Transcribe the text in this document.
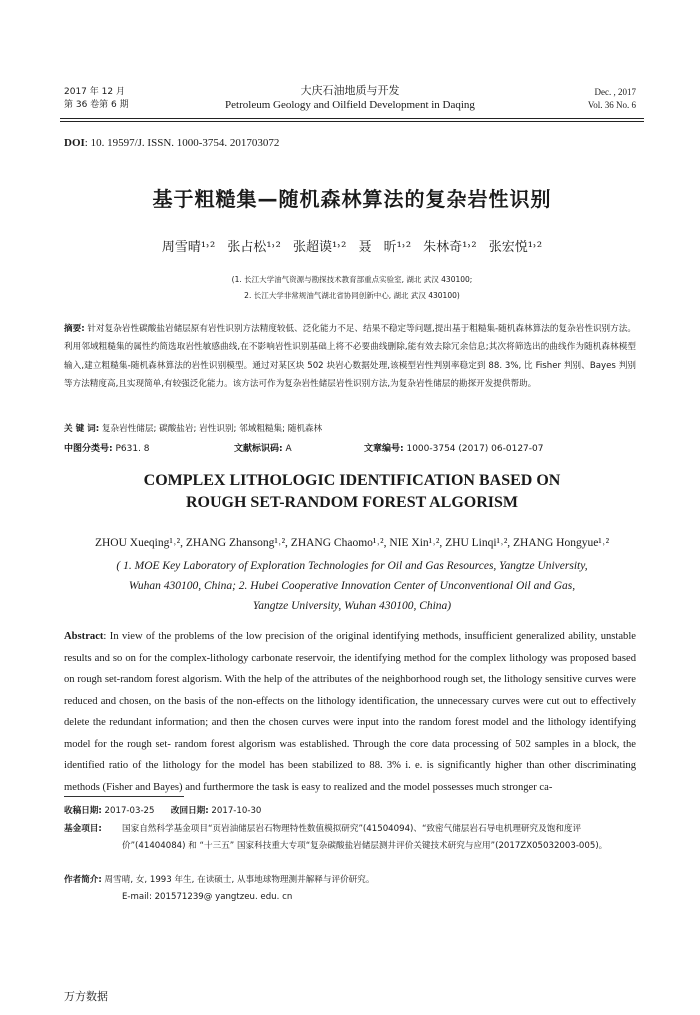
2017 年 12 月
第 36 卷第 6 期
大庆石油地质与开发
Petroleum Geology and Oilfield Development in Daqing
Dec. , 2017
Vol. 36 No. 6
DOI: 10. 19597/J. ISSN. 1000-3754. 201703072
基于粗糙集—随机森林算法的复杂岩性识别
周雪晴¹˒² 张占松¹˒² 张超谟¹˒² 聂 昕¹˒² 朱林奇¹˒² 张宏悦¹˒²
(1. 长江大学油气资源与勘探技术教育部重点实验室, 湖北 武汉 430100;
2. 长江大学非常规油气湖北省协同创新中心, 湖北 武汉 430100)
摘要: 针对复杂岩性碳酸盐岩储层原有岩性识别方法精度较低、泛化能力不足、结果不稳定等问题,提出基于粗糙集-随机森林算法的复杂岩性识别方法。利用邻域粗糙集的属性约简选取岩性敏感曲线,在不影响岩性识别基础上将不必要曲线删除,能有效去除冗余信息;其次将筛选出的曲线作为随机森林模型输入,建立粗糙集-随机森林算法的岩性识别模型。通过对某区块 502 块岩心数据处理,该模型岩性判别率稳定到 88. 3%, 比 Fisher 判别、Bayes 判别等方法精度高,且实现简单,有较强泛化能力。该方法可作为复杂岩性储层岩性识别方法,为复杂岩性储层的勘探开发提供帮助。
关 键 词: 复杂岩性储层; 碳酸盐岩; 岩性识别; 邻域粗糙集; 随机森林
中图分类号: P631. 8	文献标识码: A	文章编号: 1000-3754 (2017) 06-0127-07
COMPLEX LITHOLOGIC IDENTIFICATION BASED ON
ROUGH SET-RANDOM FOREST ALGORISM
ZHOU Xueqing¹˒², ZHANG Zhansong¹˒², ZHANG Chaomo¹˒², NIE Xin¹˒², ZHU Linqi¹˒², ZHANG Hongyue¹˒²
( 1. MOE Key Laboratory of Exploration Technologies for Oil and Gas Resources, Yangtze University,
Wuhan 430100, China; 2. Hubei Cooperative Innovation Center of Unconventional Oil and Gas,
Yangtze University, Wuhan 430100, China)
Abstract: In view of the problems of the low precision of the original identifying methods, insufficient generalized ability, unstable results and so on for the complex-lithology carbonate reservoir, the identifying method for the complex lithology was proposed based on rough set-random forest algorism. With the help of the attributes of the neighborhood rough set, the lithology sensitive curves were reduced and chosen, on the basis of the non-effects on the lithology identification, the unnecessary curves were cut out to effectively delete the redundant information; and then the chosen curves were input into the random forest model and the lithology identifying model for the rough set- random forest algorism was established. Through the core data processing of 502 samples in a block, the identified ratio of the lithology for the model has been stabilized to 88. 3% i. e. is significantly higher than other discriminating methods (Fisher and Bayes) and furthermore the task is easy to realized and the model possesses much stronger ca-
收稿日期: 2017-03-25 改回日期: 2017-10-30
基金项目: 国家自然科学基金项目“页岩油储层岩石物理特性数值模拟研究”(41504094)、“致密气储层岩石导电机理研究及饱和度评价”(41404084) 和 “十三五” 国家科技重大专项“复杂碳酸盐岩储层测井评价关键技术研究与应用”(2017ZX05032003-005)。
作者简介: 周雪晴, 女, 1993 年生, 在读硕士, 从事地球物理测井解释与评价研究。
E-mail: 201571239@ yangtzeu. edu. cn
万方数据
